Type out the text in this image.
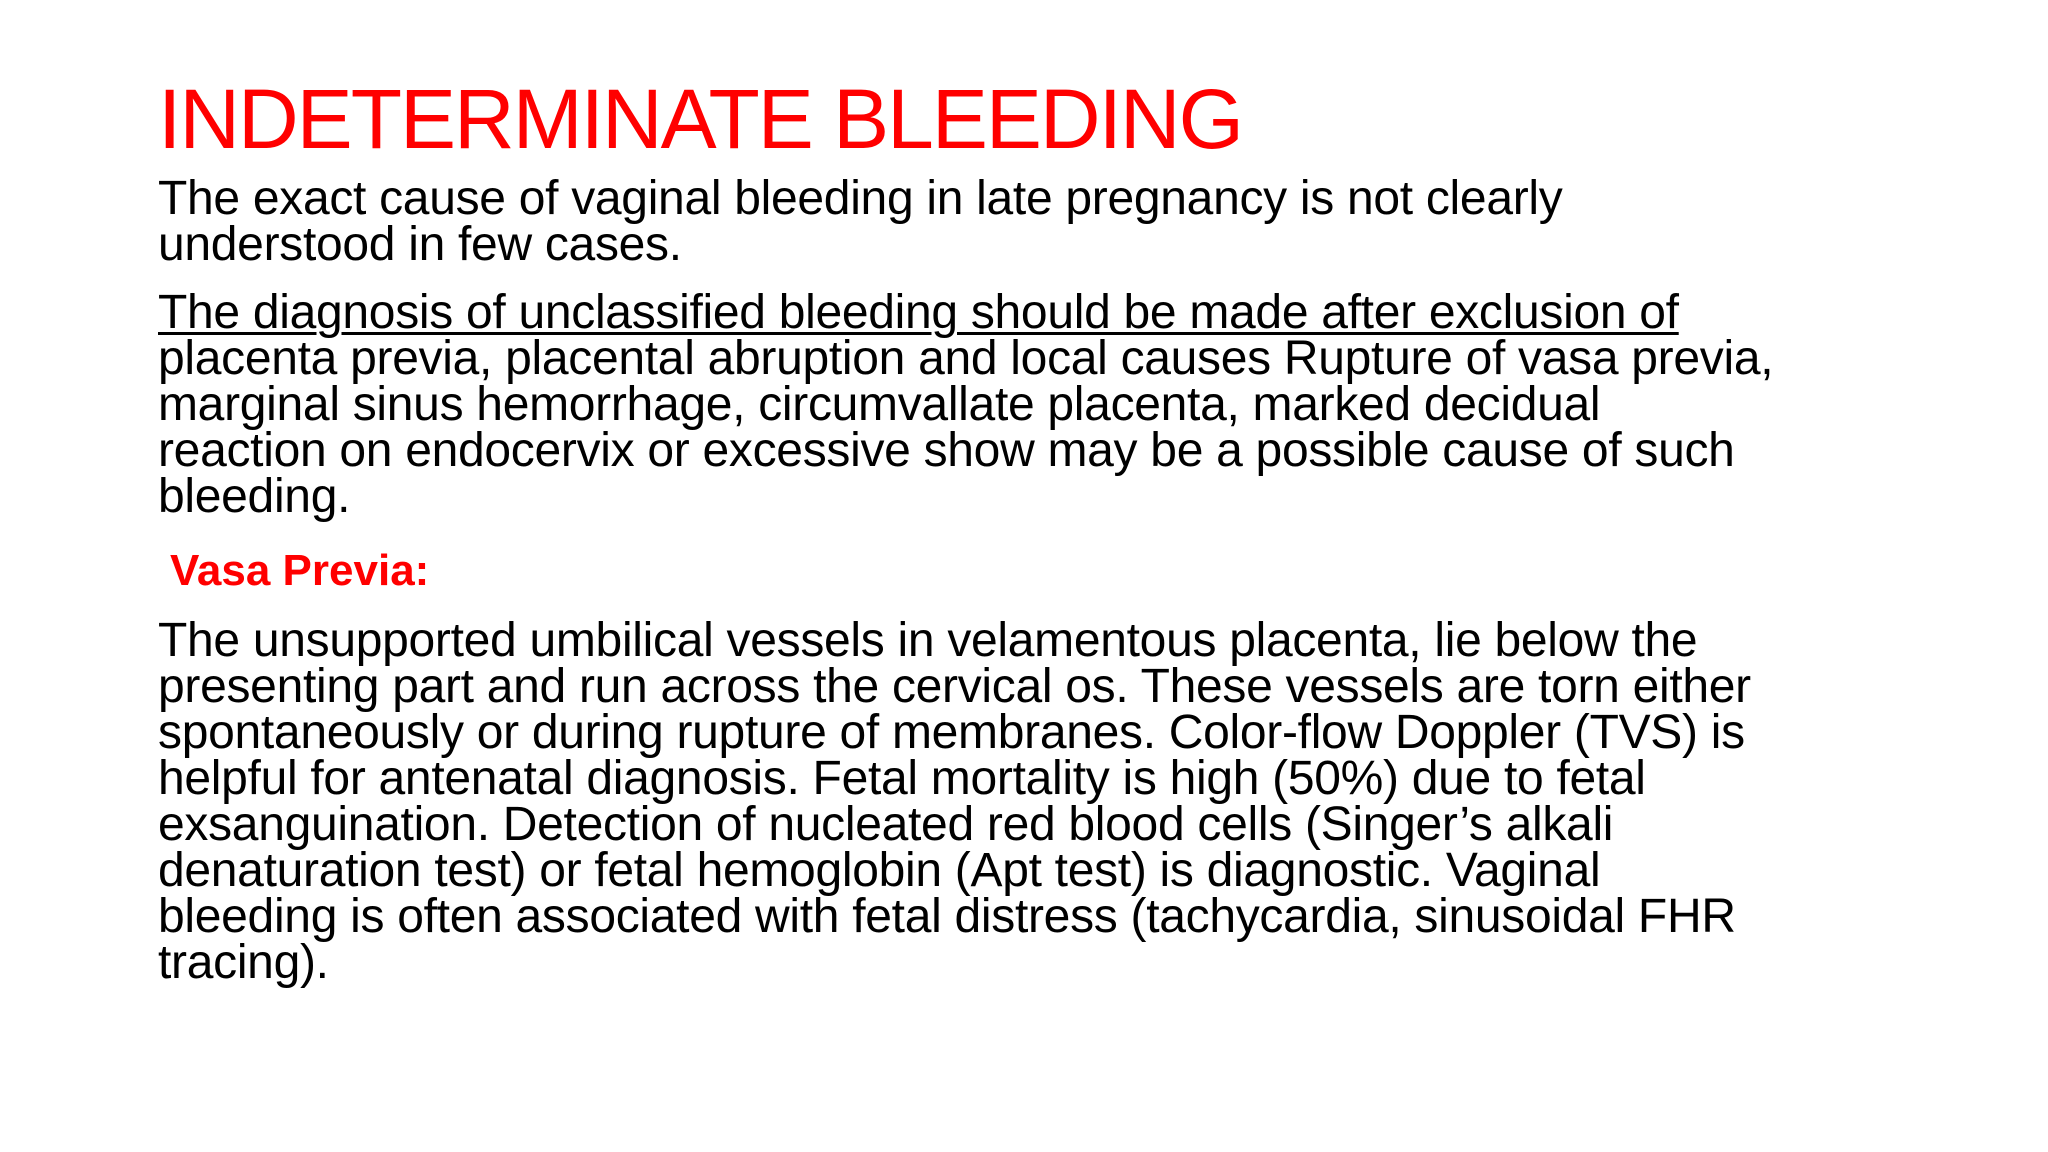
INDETERMINATE BLEEDING

The exact cause of vaginal bleeding in late pregnancy is not clearly
understood in few cases.

The diagnosis of unclassified bleeding should be made after exclusion of
placenta previa, placental abruption and local causes Rupture of vasa previa,
marginal sinus hemorrhage, circumvallate placenta, marked decidual
reaction on endocervix or excessive show may be a possible cause of such
bleeding.

Vasa Previa:

The unsupported umbilical vessels in velamentous placenta, lie below the
presenting part and run across the cervical os. These vessels are torn either
spontaneously or during rupture of membranes. Color-flow Doppler (TVS) is
helpful for antenatal diagnosis. Fetal mortality is high (50%) due to fetal
exsanguination. Detection of nucleated red blood cells (Singer’s alkali
denaturation test) or fetal hemoglobin (Apt test) is diagnostic. Vaginal
bleeding is often associated with fetal distress (tachycardia, sinusoidal FHR
tracing).
